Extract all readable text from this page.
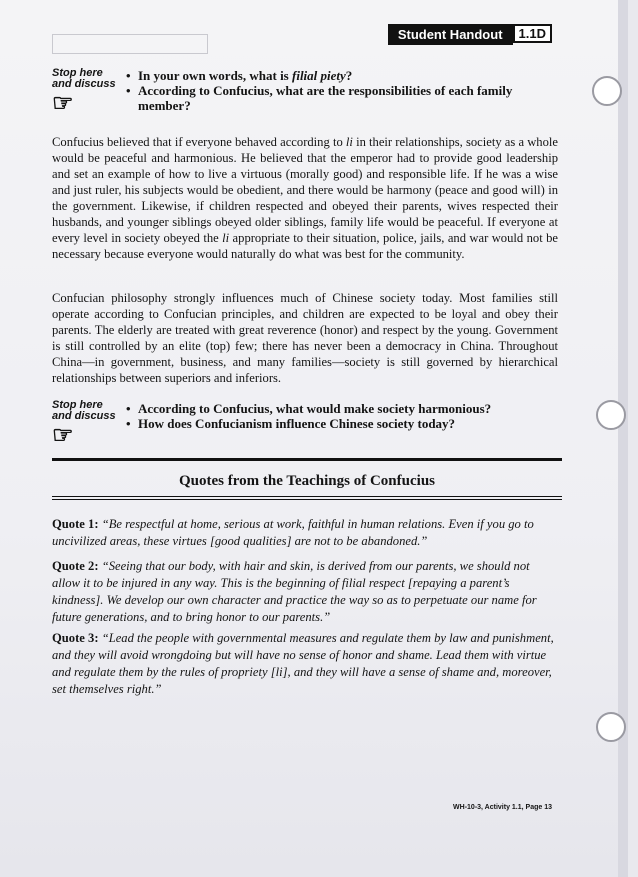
Student Handout	1.1D
Stop here
and discuss
☞
• In your own words, what is filial piety?
• According to Confucius, what are the responsibilities of each family member?

Confucius believed that if everyone behaved according to li in their relationships, society as a whole would be peaceful and harmonious. He believed that the emperor had to provide good leadership and set an example of how to live a virtuous (morally good) and responsible life. If he was a wise and just ruler, his subjects would be obedient, and there would be harmony (peace and good will) in the government. Likewise, if children respected and obeyed their parents, wives respected their husbands, and younger siblings obeyed older siblings, family life would be peaceful. If everyone at every level in society obeyed the li appropriate to their situation, police, jails, and war would not be necessary because everyone would naturally do what was best for the community.

Confucian philosophy strongly influences much of Chinese society today. Most families still operate according to Confucian principles, and children are expected to be loyal and obey their parents. The elderly are treated with great reverence (honor) and respect by the young. Government is still controlled by an elite (top) few; there has never been a democracy in China. Throughout China—in government, business, and many families—society is still governed by hierarchical relationships between superiors and inferiors.

Stop here
and discuss
☞
• According to Confucius, what would make society harmonious?
• How does Confucianism influence Chinese society today?
Quotes from the Teachings of Confucius

Quote 1: “Be respectful at home, serious at work, faithful in human relations. Even if you go to uncivilized areas, these virtues [good qualities] are not to be abandoned.”

Quote 2: “Seeing that our body, with hair and skin, is derived from our parents, we should not allow it to be injured in any way. This is the beginning of filial respect [repaying a parent’s kindness]. We develop our own character and practice the way so as to perpetuate our name for future generations, and to bring honor to our parents.”

Quote 3: “Lead the people with governmental measures and regulate them by law and punishment, and they will avoid wrongdoing but will have no sense of honor and shame. Lead them with virtue and regulate them by the rules of propriety [li], and they will have a sense of shame and, moreover, set themselves right.”

WH-10-3, Activity 1.1, Page 13
